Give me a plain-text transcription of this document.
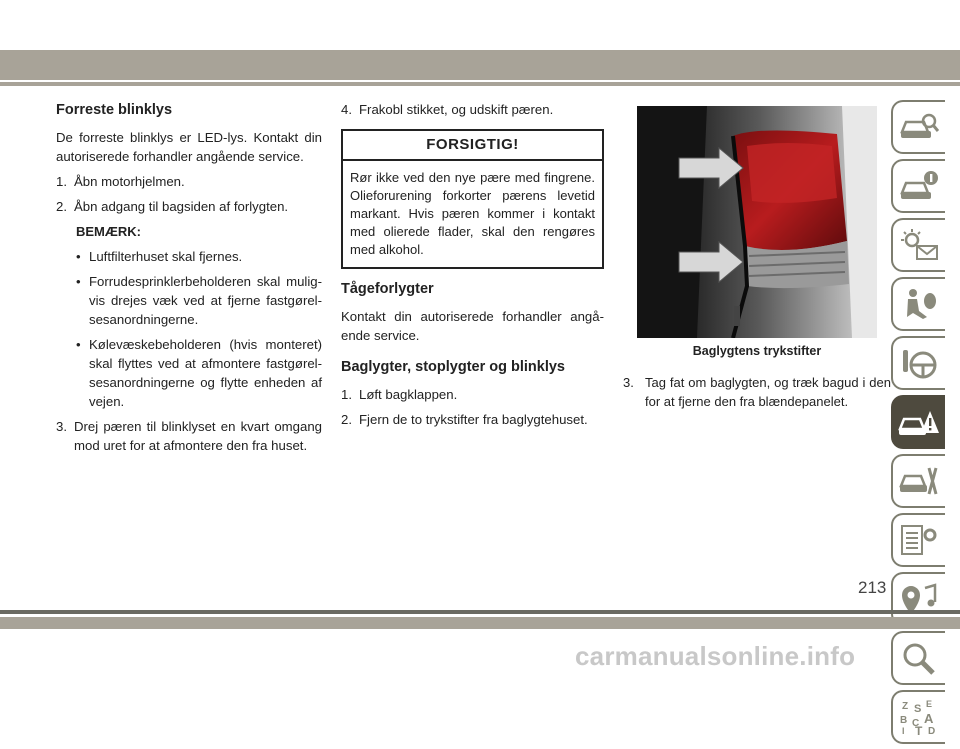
Forreste blinklys

De forreste blinklys er LED-lys. Kontakt din autoriserede forhandler angående service.

1. Åbn motorhjelmen.
2. Åbn adgang til bagsiden af forlygten.
BEMÆRK:
• Luftfilterhuset skal fjernes.
• Forrudesprinklerbeholderen skal mulig-vis drejes væk ved at fjerne fastgørel-sesanordningerne.
• Kølevæskebeholderen (hvis monteret) skal flyttes ved at afmontere fastgørel-sesanordningerne og flytte enheden af vejen.
3. Drej pæren til blinklyset en kvart omgang mod uret for at afmontere den fra huset.
4. Frakobl stikket, og udskift pæren.
FORSIGTIG!
Rør ikke ved den nye pære med fingrene. Olieforurening forkorter pærens levetid markant. Hvis pæren kommer i kontakt med olierede flader, skal den rengøres med alkohol.
Tågeforlygter

Kontakt din autoriserede forhandler angå-ende service.

Baglygter, stoplygter og blinklys
1. Løft bagklappen.
2. Fjern de to trykstifter fra baglygtehuset.
Baglygtens trykstifter
3. Tag fat om baglygten, og træk bagud i den for at fjerne den fra blændepanelet.
Z E
S
B A
C
I T D
213
carmanualsonline.info
